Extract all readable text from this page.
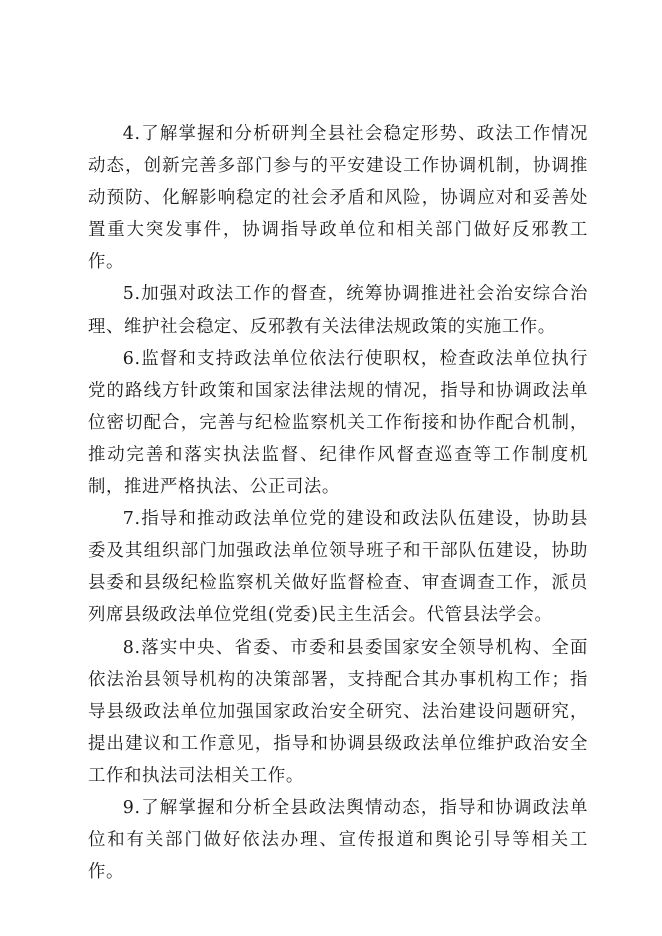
4.了解掌握和分析研判全县社会稳定形势、政法工作情况动态，创新完善多部门参与的平安建设工作协调机制，协调推动预防、化解影响稳定的社会矛盾和风险，协调应对和妥善处置重大突发事件，协调指导政单位和相关部门做好反邪教工作。

5.加强对政法工作的督查，统筹协调推进社会治安综合治理、维护社会稳定、反邪教有关法律法规政策的实施工作。

6.监督和支持政法单位依法行使职权，检查政法单位执行党的路线方针政策和国家法律法规的情况，指导和协调政法单位密切配合，完善与纪检监察机关工作衔接和协作配合机制，推动完善和落实执法监督、纪律作风督查巡查等工作制度机制，推进严格执法、公正司法。

7.指导和推动政法单位党的建设和政法队伍建设，协助县委及其组织部门加强政法单位领导班子和干部队伍建设，协助县委和县级纪检监察机关做好监督检查、审查调查工作，派员列席县级政法单位党组(党委)民主生活会。代管县法学会。

8.落实中央、省委、市委和县委国家安全领导机构、全面依法治县领导机构的决策部署，支持配合其办事机构工作；指导县级政法单位加强国家政治安全研究、法治建设问题研究，提出建议和工作意见，指导和协调县级政法单位维护政治安全工作和执法司法相关工作。

9.了解掌握和分析全县政法舆情动态，指导和协调政法单位和有关部门做好依法办理、宣传报道和舆论引导等相关工作。
